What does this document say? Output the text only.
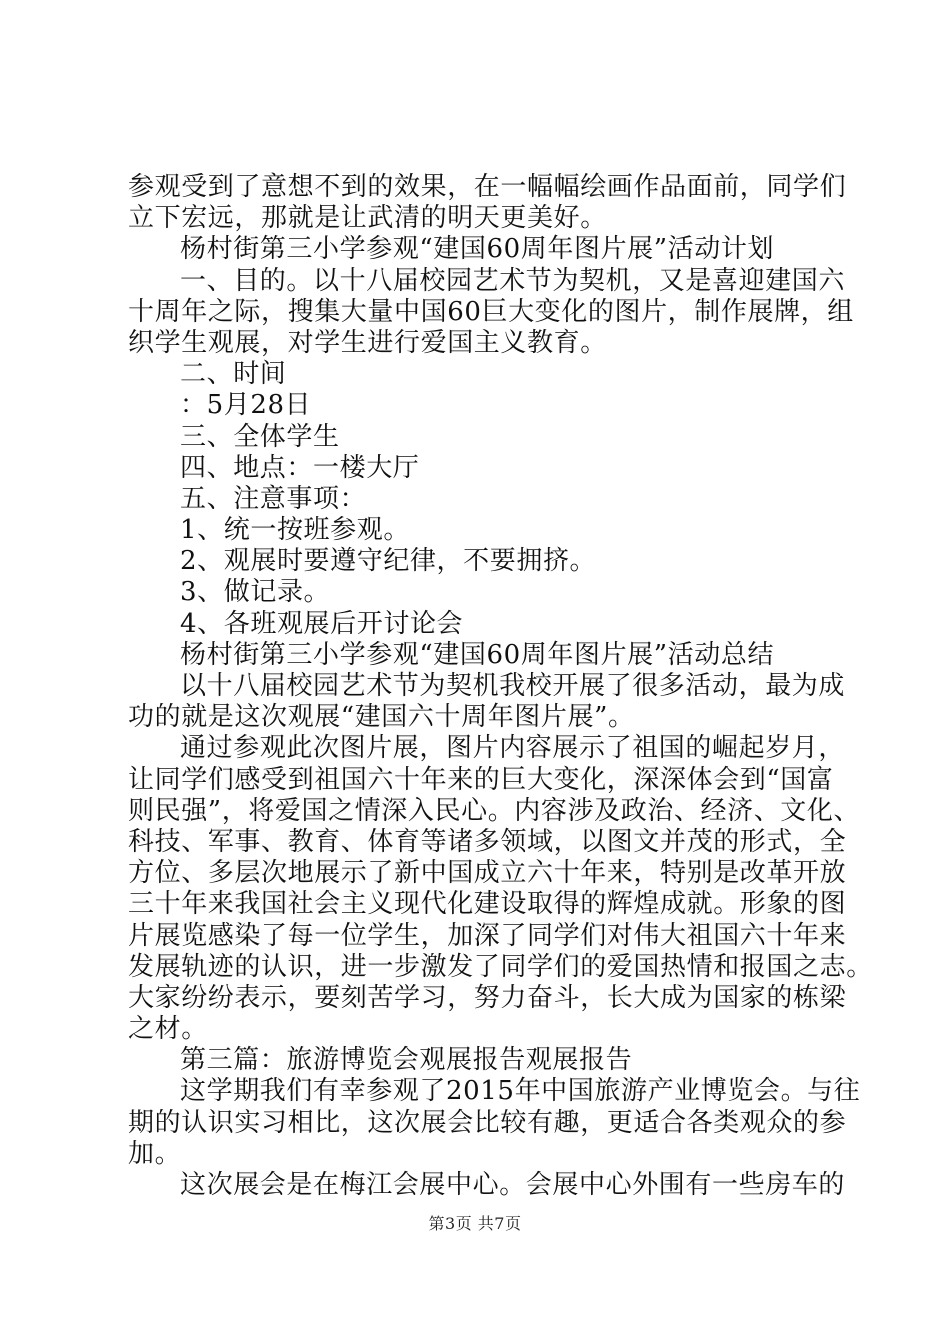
参观受到了意想不到的效果，在一幅幅绘画作品面前，同学们
立下宏远，那就是让武清的明天更美好。
杨村街第三小学参观“建国60周年图片展”活动计划
一、目的。以十八届校园艺术节为契机，又是喜迎建国六
十周年之际，搜集大量中国60巨大变化的图片，制作展牌，组
织学生观展，对学生进行爱国主义教育。
二、时间
：5月28日
三、全体学生
四、地点：一楼大厅
五、注意事项：
1、统一按班参观。
2、观展时要遵守纪律，不要拥挤。
3、做记录。
4、各班观展后开讨论会
杨村街第三小学参观“建国60周年图片展”活动总结
以十八届校园艺术节为契机我校开展了很多活动，最为成
功的就是这次观展“建国六十周年图片展”。
通过参观此次图片展，图片内容展示了祖国的崛起岁月，
让同学们感受到祖国六十年来的巨大变化，深深体会到“国富
则民强”，将爱国之情深入民心。内容涉及政治、经济、文化、
科技、军事、教育、体育等诸多领域，以图文并茂的形式，全
方位、多层次地展示了新中国成立六十年来，特别是改革开放
三十年来我国社会主义现代化建设取得的辉煌成就。形象的图
片展览感染了每一位学生，加深了同学们对伟大祖国六十年来
发展轨迹的认识，进一步激发了同学们的爱国热情和报国之志。
大家纷纷表示，要刻苦学习，努力奋斗，长大成为国家的栋梁
之材。
第三篇：旅游博览会观展报告观展报告
这学期我们有幸参观了2015年中国旅游产业博览会。与往
期的认识实习相比，这次展会比较有趣，更适合各类观众的参
加。
这次展会是在梅江会展中心。会展中心外围有一些房车的
第3页 共7页
